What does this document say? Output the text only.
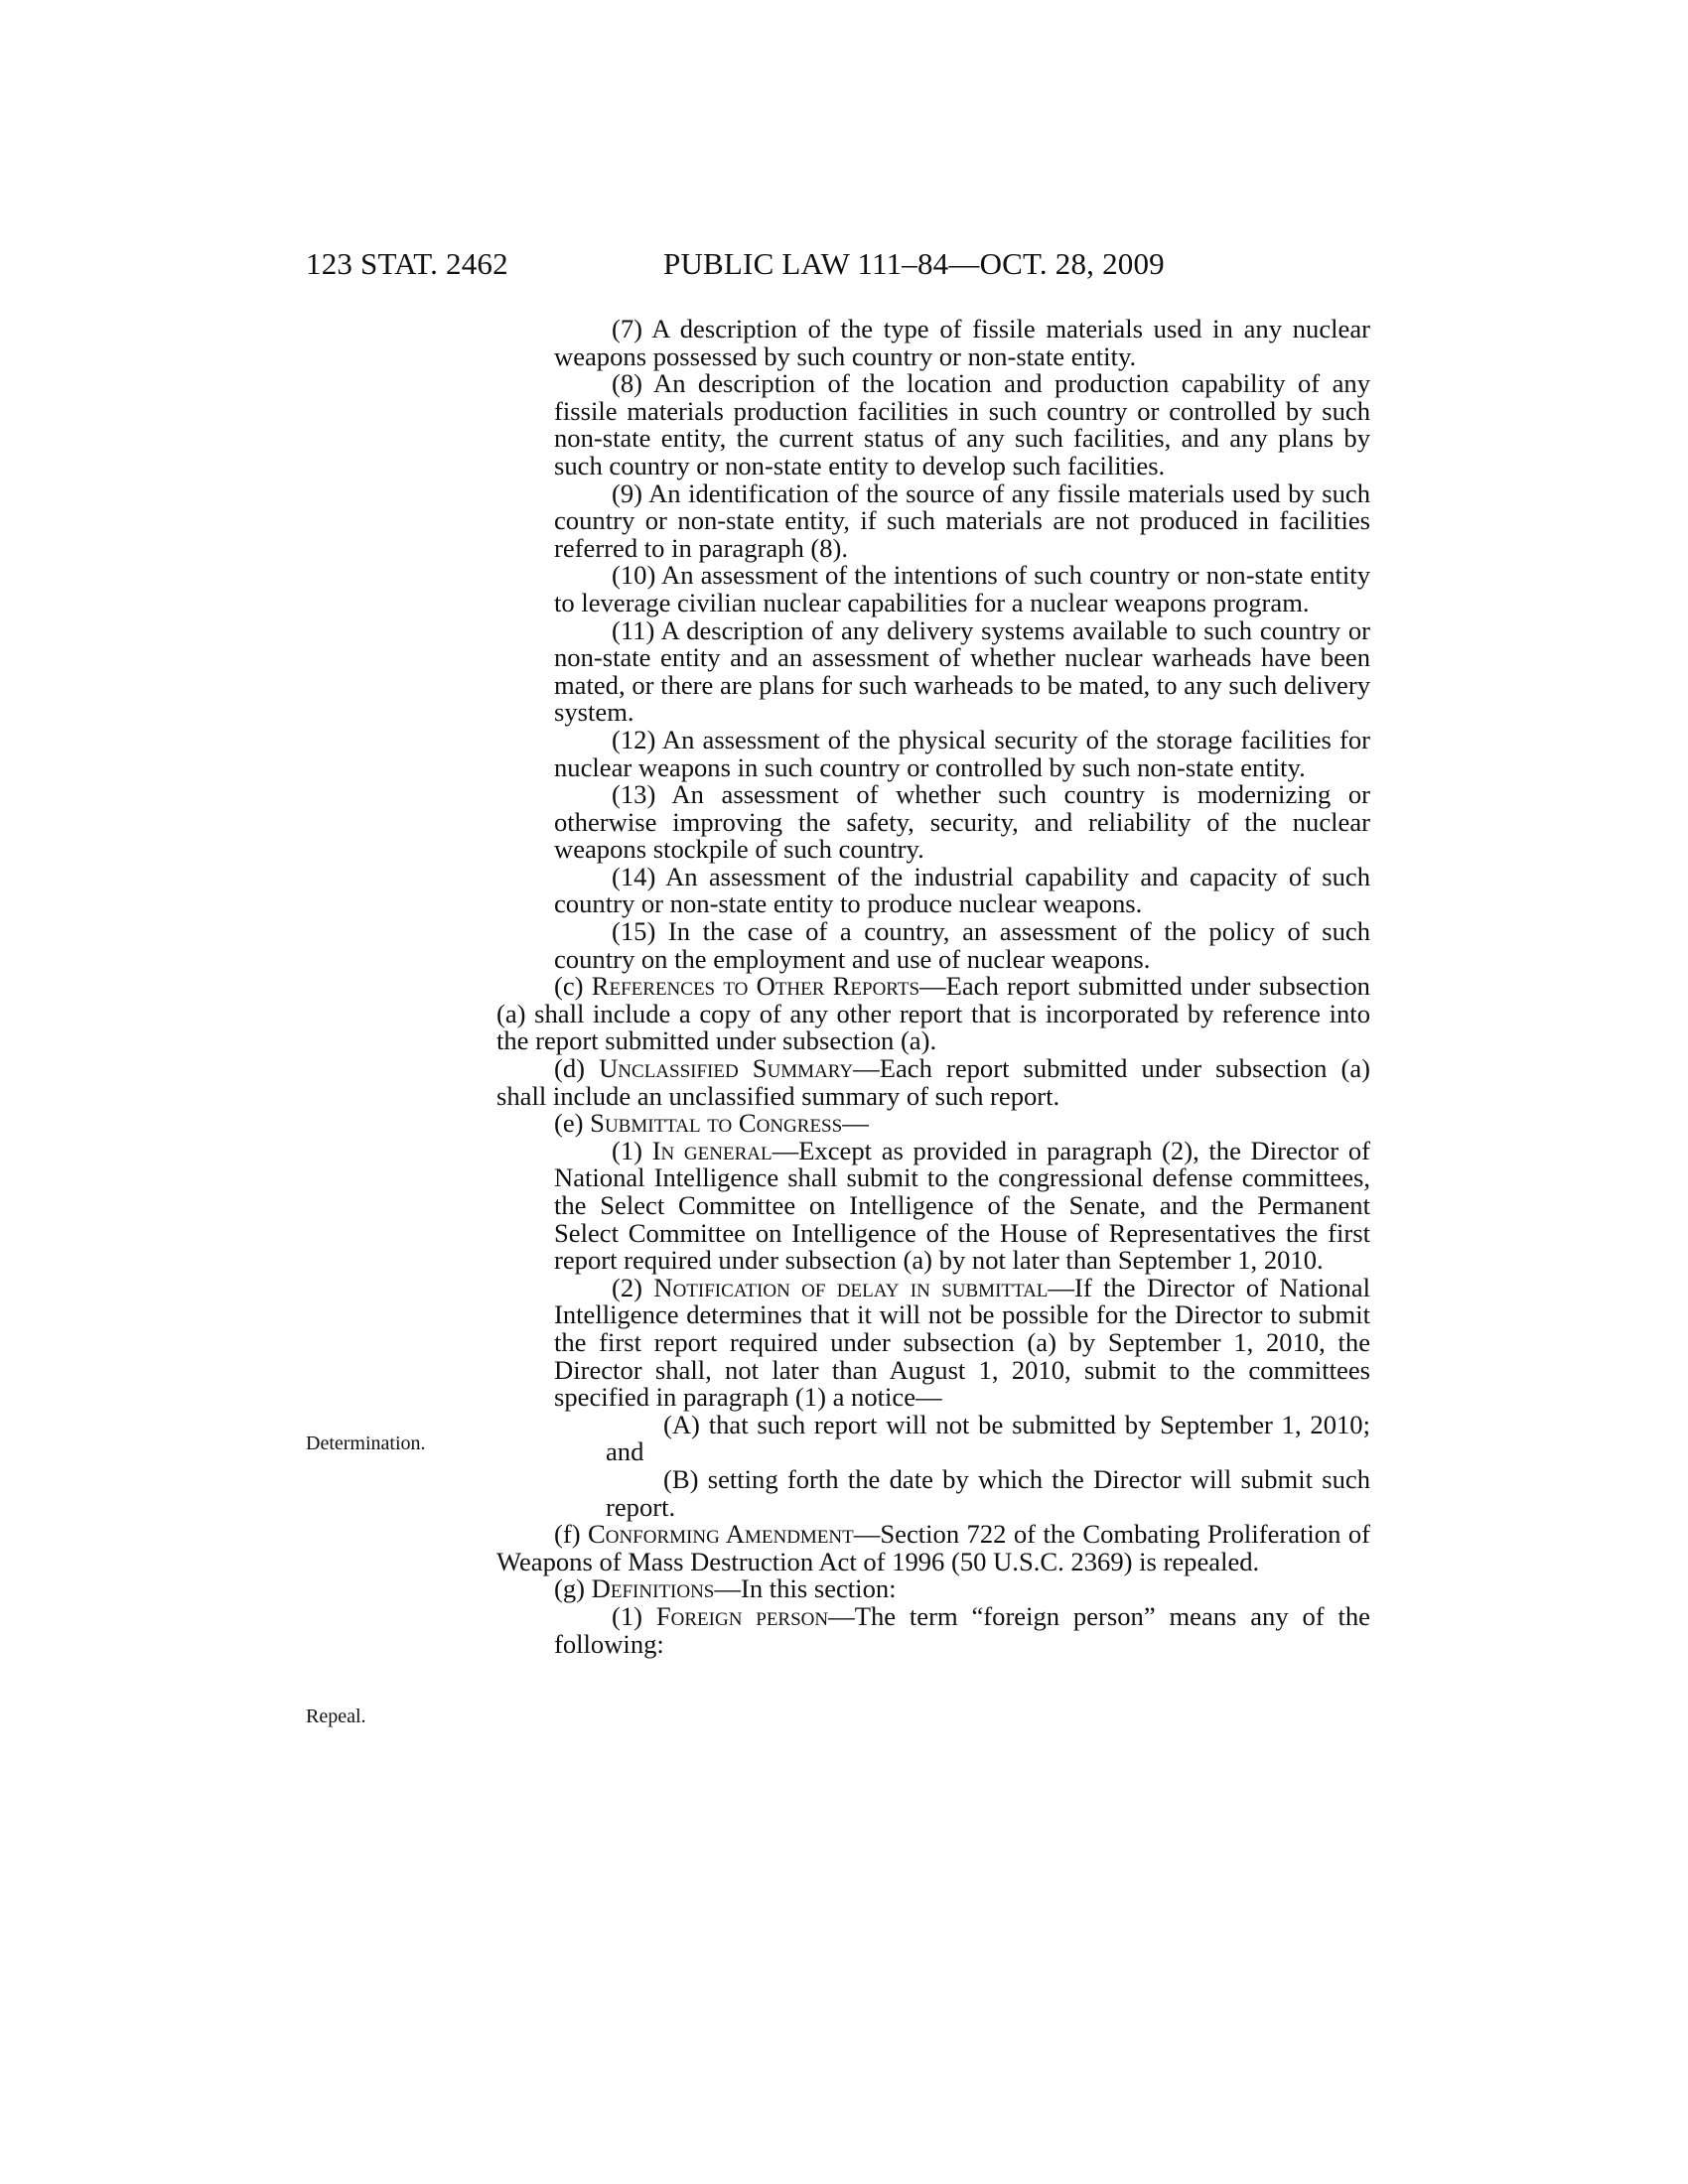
123 STAT. 2462	PUBLIC LAW 111–84—OCT. 28, 2009
Determination.
Repeal.

(7) A description of the type of fissile materials used in any nuclear weapons possessed by such country or non-state entity.

(8) An description of the location and production capability of any fissile materials production facilities in such country or controlled by such non-state entity, the current status of any such facilities, and any plans by such country or non-state entity to develop such facilities.

(9) An identification of the source of any fissile materials used by such country or non-state entity, if such materials are not produced in facilities referred to in paragraph (8).

(10) An assessment of the intentions of such country or non-state entity to leverage civilian nuclear capabilities for a nuclear weapons program.

(11) A description of any delivery systems available to such country or non-state entity and an assessment of whether nuclear warheads have been mated, or there are plans for such warheads to be mated, to any such delivery system.

(12) An assessment of the physical security of the storage facilities for nuclear weapons in such country or controlled by such non-state entity.

(13) An assessment of whether such country is modernizing or otherwise improving the safety, security, and reliability of the nuclear weapons stockpile of such country.

(14) An assessment of the industrial capability and capacity of such country or non-state entity to produce nuclear weapons.

(15) In the case of a country, an assessment of the policy of such country on the employment and use of nuclear weapons.

(c) References to Other Reports—Each report submitted under subsection (a) shall include a copy of any other report that is incorporated by reference into the report submitted under subsection (a).

(d) Unclassified Summary—Each report submitted under subsection (a) shall include an unclassified summary of such report.

(e) Submittal to Congress—

(1) In general—Except as provided in paragraph (2), the Director of National Intelligence shall submit to the congressional defense committees, the Select Committee on Intelligence of the Senate, and the Permanent Select Committee on Intelligence of the House of Representatives the first report required under subsection (a) by not later than September 1, 2010.

(2) Notification of delay in submittal—If the Director of National Intelligence determines that it will not be possible for the Director to submit the first report required under subsection (a) by September 1, 2010, the Director shall, not later than August 1, 2010, submit to the committees specified in paragraph (1) a notice—

(A) that such report will not be submitted by September 1, 2010; and

(B) setting forth the date by which the Director will submit such report.

(f) Conforming Amendment—Section 722 of the Combating Proliferation of Weapons of Mass Destruction Act of 1996 (50 U.S.C. 2369) is repealed.

(g) Definitions—In this section:

(1) Foreign person—The term “foreign person” means any of the following:
